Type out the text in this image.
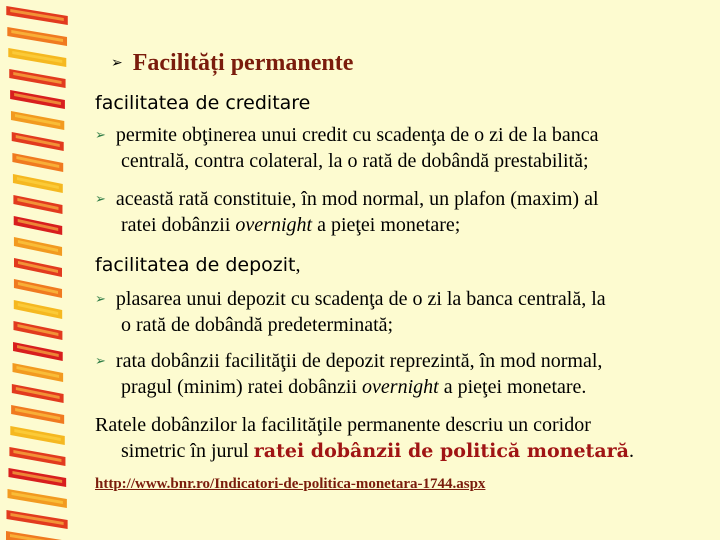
➢ Facilități permanente
facilitatea de creditare
➢ permite obţinerea unui credit cu scadenţa de o zi de la banca
centrală, contra colateral, la o rată de dobândă prestabilită;
➢ această rată constituie, în mod normal, un plafon (maxim) al
ratei dobânzii overnight a pieţei monetare;
facilitatea de depozit,
➢ plasarea unui depozit cu scadenţa de o zi la banca centrală, la
o rată de dobândă predeterminată;
➢ rata dobânzii facilităţii de depozit reprezintă, în mod normal,
pragul (minim) ratei dobânzii overnight a pieţei monetare.
Ratele dobânzilor la facilităţile permanente descriu un coridor
simetric în jurul ratei dobânzii de politică monetară.
http://www.bnr.ro/Indicatori-de-politica-monetara-1744.aspx
